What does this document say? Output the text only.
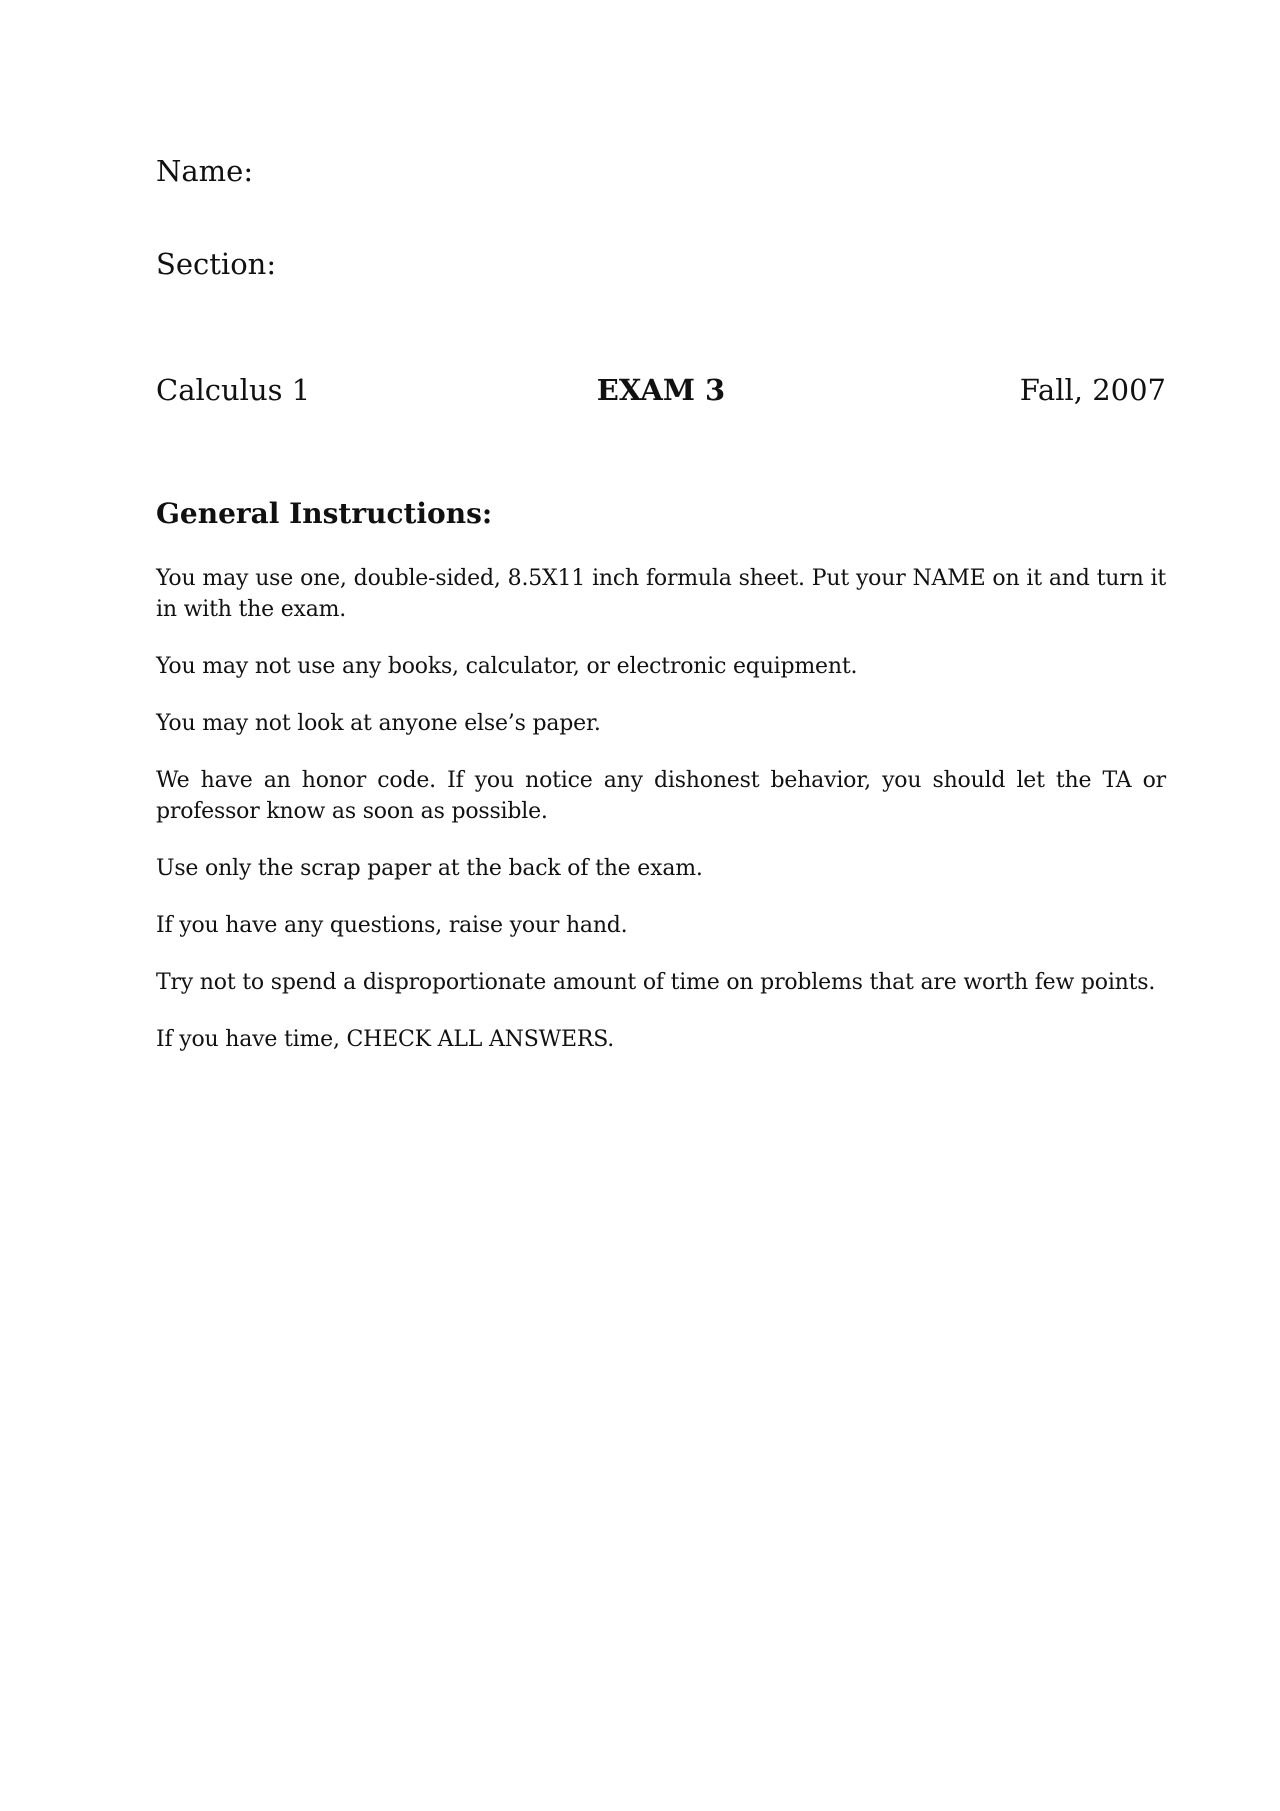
Name:
Section:
Calculus 1	EXAM 3	Fall, 2007
General Instructions:

You may use one, double-sided, 8.5X11 inch formula sheet. Put your NAME on it and turn it in with the exam.

You may not use any books, calculator, or electronic equipment.

You may not look at anyone else’s paper.

We have an honor code. If you notice any dishonest behavior, you should let the TA or professor know as soon as possible.

Use only the scrap paper at the back of the exam.

If you have any questions, raise your hand.

Try not to spend a disproportionate amount of time on problems that are worth few points.

If you have time, CHECK ALL ANSWERS.
